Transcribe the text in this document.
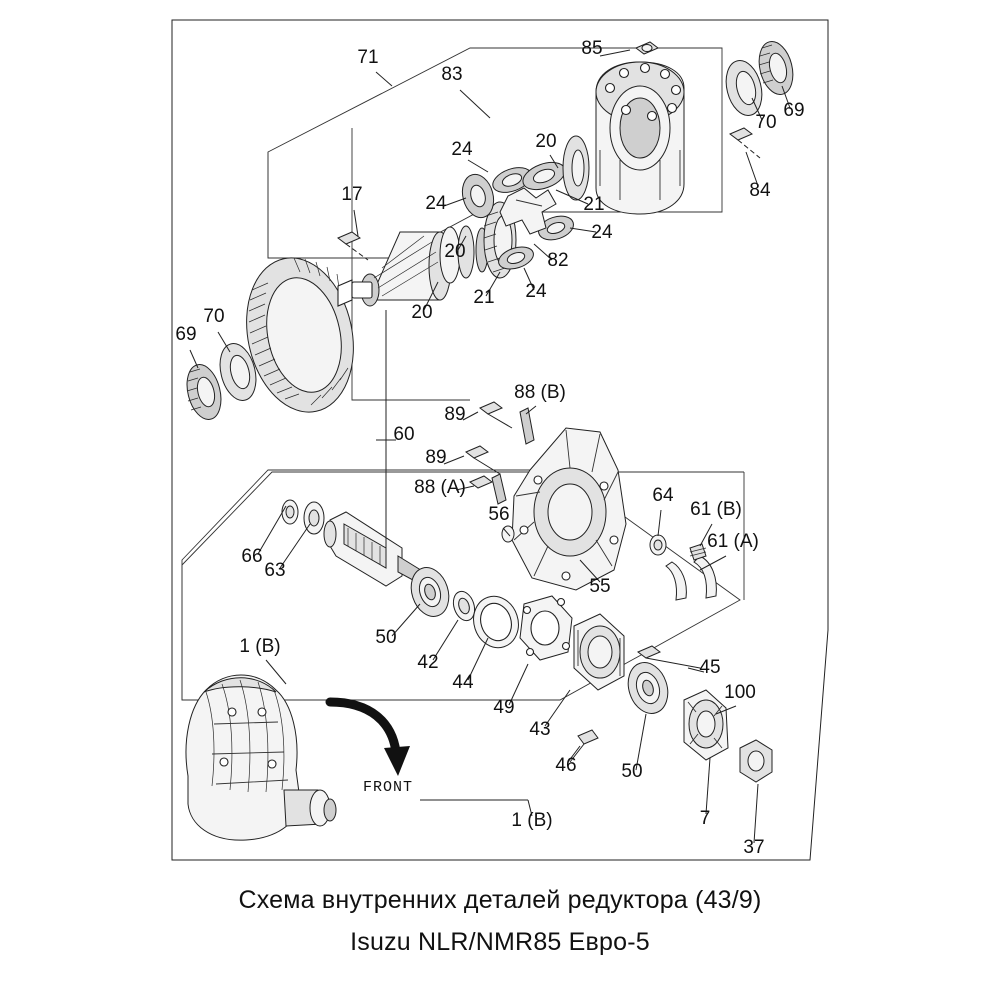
FRONT
71
83
85
69
70
84
24	20
21
24
24
82
17
20
21
20
24
69
70
60
88 (B)
89
89
88 (A)
56
64
61 (B)
61 (A)
55
66
63
50
42
44
49
43
46 50
45
100
7
37
1 (B)
1 (B)
Схема внутренних деталей редуктора (43/9)
Isuzu NLR/NMR85 Евро-5
